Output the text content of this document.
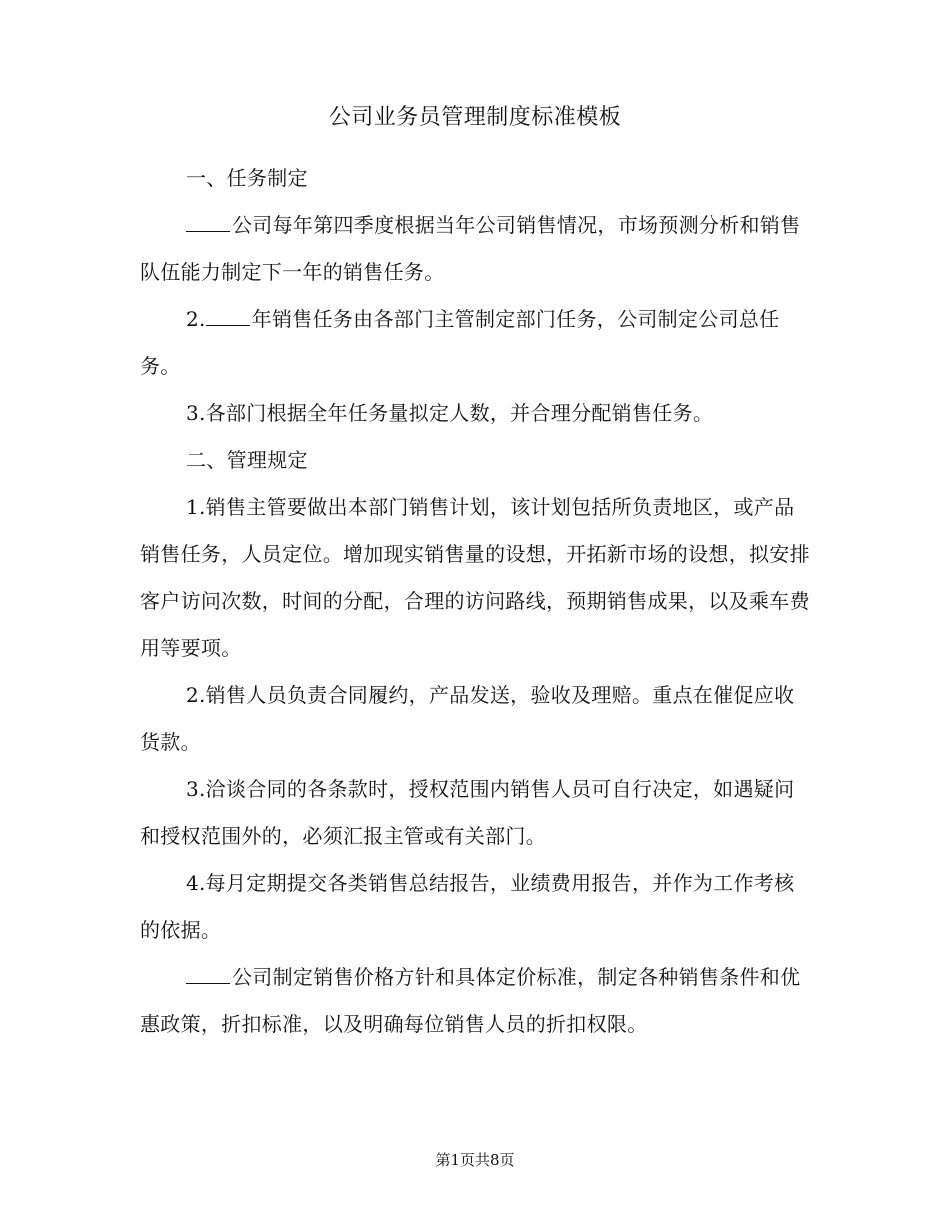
公司业务员管理制度标准模板

一、任务制定

公司每年第四季度根据当年公司销售情况，市场预测分析和销售队伍能力制定下一年的销售任务。

2. 年销售任务由各部门主管制定部门任务，公司制定公司总任务。

3.各部门根据全年任务量拟定人数，并合理分配销售任务。

二、管理规定

1.销售主管要做出本部门销售计划，该计划包括所负责地区，或产品销售任务，人员定位。增加现实销售量的设想，开拓新市场的设想，拟安排客户访问次数，时间的分配，合理的访问路线，预期销售成果，以及乘车费用等要项。

2.销售人员负责合同履约，产品发送，验收及理赔。重点在催促应收货款。

3.洽谈合同的各条款时，授权范围内销售人员可自行决定，如遇疑问和授权范围外的，必须汇报主管或有关部门。

4.每月定期提交各类销售总结报告，业绩费用报告，并作为工作考核的依据。

公司制定销售价格方针和具体定价标准，制定各种销售条件和优惠政策，折扣标准，以及明确每位销售人员的折扣权限。

第1页共8页
